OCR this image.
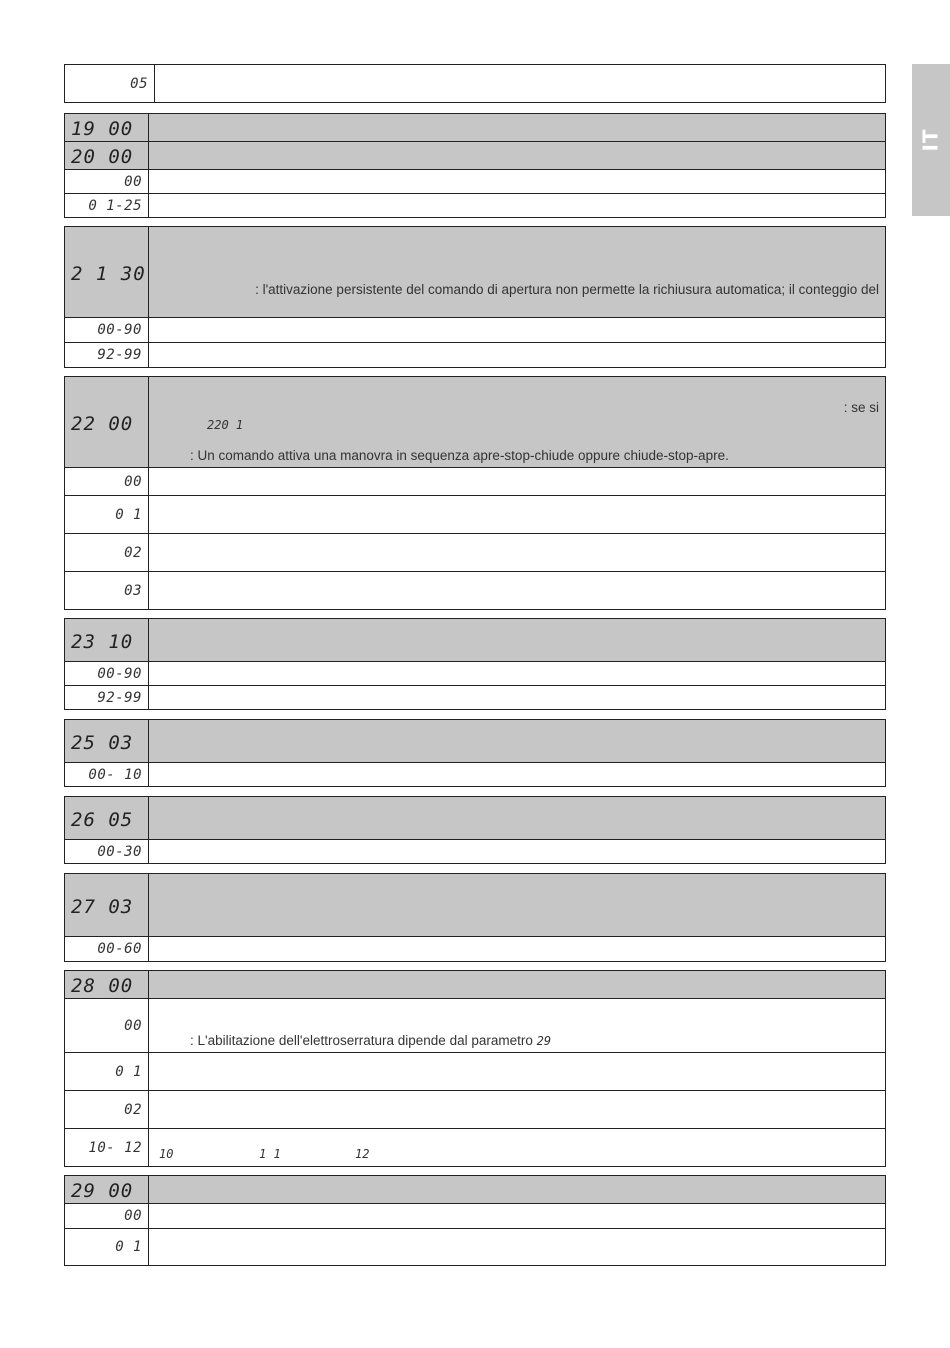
IT
05	
19 00	
20 00	
00	
0 1-25	
2 1 30	: l'attivazione persistente del comando di apertura non permette la richiusura automatica; il conteggio del

00-90	
92-99	
22 00	: se si
220 1
: Un comando attiva una manovra in sequenza apre-stop-chiude oppure chiude-stop-apre.

00	
0 1	
02	
03	
23 10	
00-90	
92-99	
25 03	
00- 10	
26 05	
00-30	
27 03	
00-60	
28 00	
00	: L'abilitazione dell'elettroserratura dipende dal parametro 29

0 1	
02	
10- 12	10 1 1 12
29 00	
00	
0 1	
